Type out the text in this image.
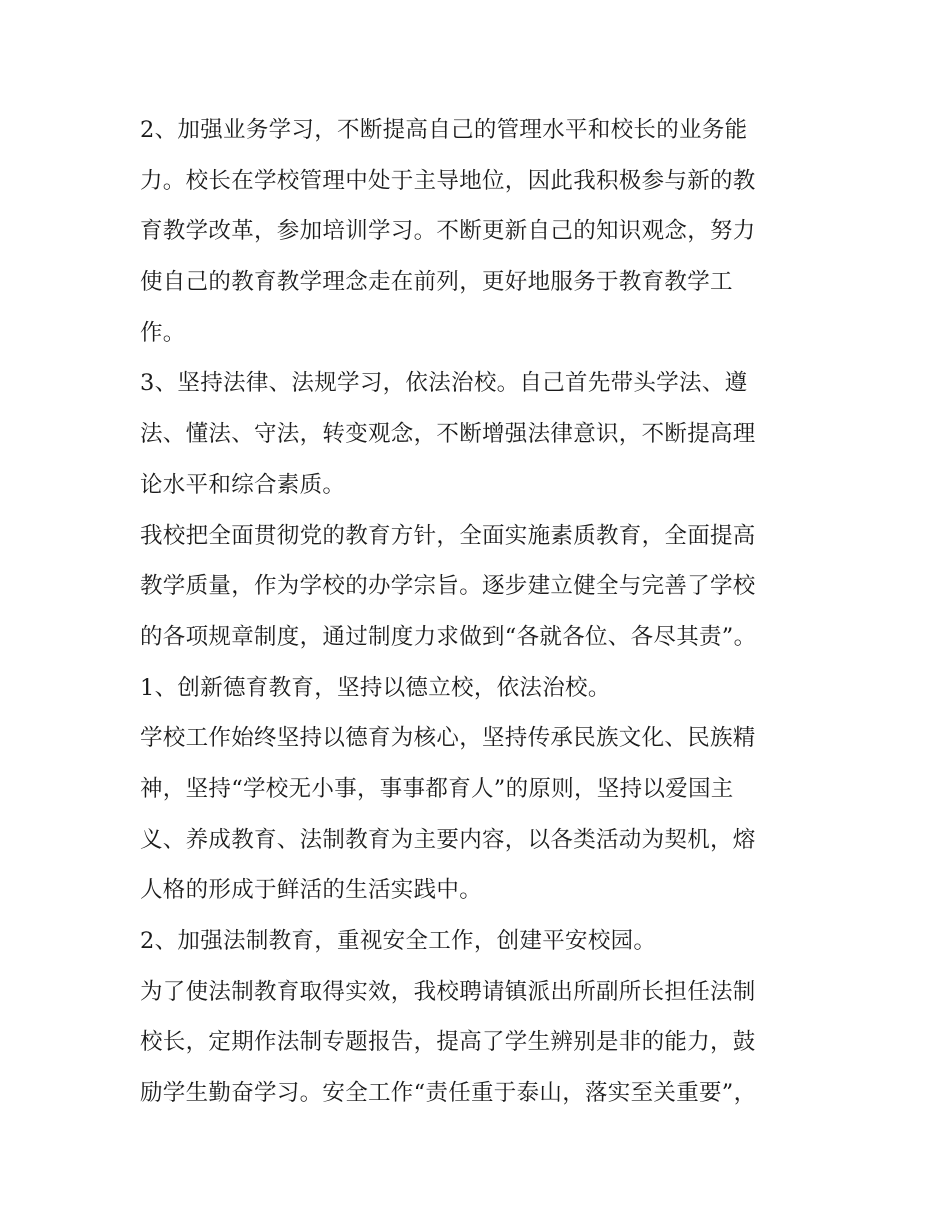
2、加强业务学习，不断提高自己的管理水平和校长的业务能
力。校长在学校管理中处于主导地位，因此我积极参与新的教
育教学改革，参加培训学习。不断更新自己的知识观念，努力
使自己的教育教学理念走在前列，更好地服务于教育教学工
作。
3、坚持法律、法规学习，依法治校。自己首先带头学法、遵
法、懂法、守法，转变观念，不断增强法律意识，不断提高理
论水平和综合素质。
我校把全面贯彻党的教育方针，全面实施素质教育，全面提高
教学质量，作为学校的办学宗旨。逐步建立健全与完善了学校
的各项规章制度，通过制度力求做到“各就各位、各尽其责”。
1、创新德育教育，坚持以德立校，依法治校。
学校工作始终坚持以德育为核心，坚持传承民族文化、民族精
神，坚持“学校无小事，事事都育人”的原则，坚持以爱国主
义、养成教育、法制教育为主要内容，以各类活动为契机，熔
人格的形成于鲜活的生活实践中。
2、加强法制教育，重视安全工作，创建平安校园。
为了使法制教育取得实效，我校聘请镇派出所副所长担任法制
校长，定期作法制专题报告，提高了学生辨别是非的能力，鼓
励学生勤奋学习。安全工作“责任重于泰山，落实至关重要”，
